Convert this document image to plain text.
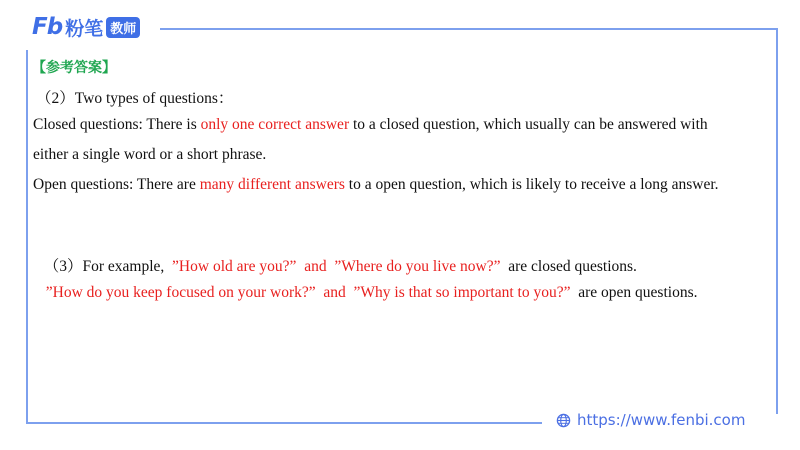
Fb 粉笔 教师
【参考答案】
（2）Two types of questions：
Closed questions: There is only one correct answer to a closed question, which usually can be answered with
either a single word or a short phrase.
Open questions: There are many different answers to a open question, which is likely to receive a long answer.

（3）For example,  ”How old are you?”  and  ”Where do you live now?”  are closed questions.

”How do you keep focused on your work?”  and  ”Why is that so important to you?”  are open questions.

https://www.fenbi.com
